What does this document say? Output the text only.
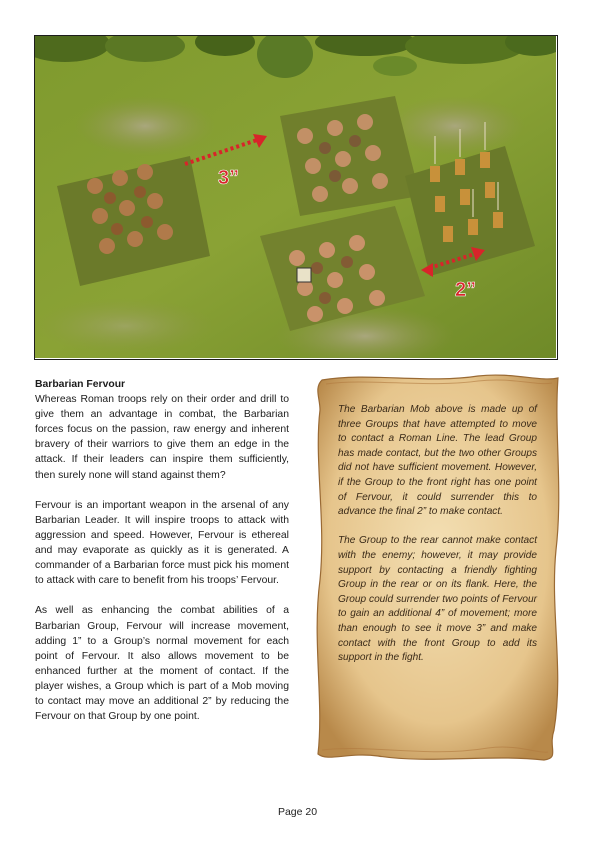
3”
2”

Barbarian Fervour
Whereas Roman troops rely on their order and drill to give them an advantage in combat, the Barbarian forces focus on the passion, raw energy and inherent bravery of their warriors to give them an edge in the attack. If their leaders can inspire them sufficiently, then surely none will stand against them?

Fervour is an important weapon in the arsenal of any Barbarian Leader. It will inspire troops to attack with aggression and speed. However, Fervour is ethereal and may evaporate as quickly as it is generated. A commander of a Barbarian force must pick his moment to attack with care to benefit from his troops’ Fervour.

As well as enhancing the combat abilities of a Barbarian Group, Fervour will increase movement, adding 1” to a Group’s normal movement for each point of Fervour. It also allows movement to be enhanced further at the moment of contact. If the player wishes, a Group which is part of a Mob moving to contact may move an additional 2” by reducing the Fervour on that Group by one point.

The Barbarian Mob above is made up of three Groups that have attempted to move to contact a Roman Line. The lead Group has made contact, but the two other Groups did not have sufficient movement. However, if the Group to the front right has one point of Fervour, it could surrender this to advance the final 2” to make contact.

The Group to the rear cannot make contact with the enemy; however, it may provide support by contacting a friendly fighting Group in the rear or on its flank. Here, the Group could surrender two points of Fervour to gain an additional 4” of movement; more than enough to see it move 3” and make contact with the front Group to add its support in the fight.

Page 20
